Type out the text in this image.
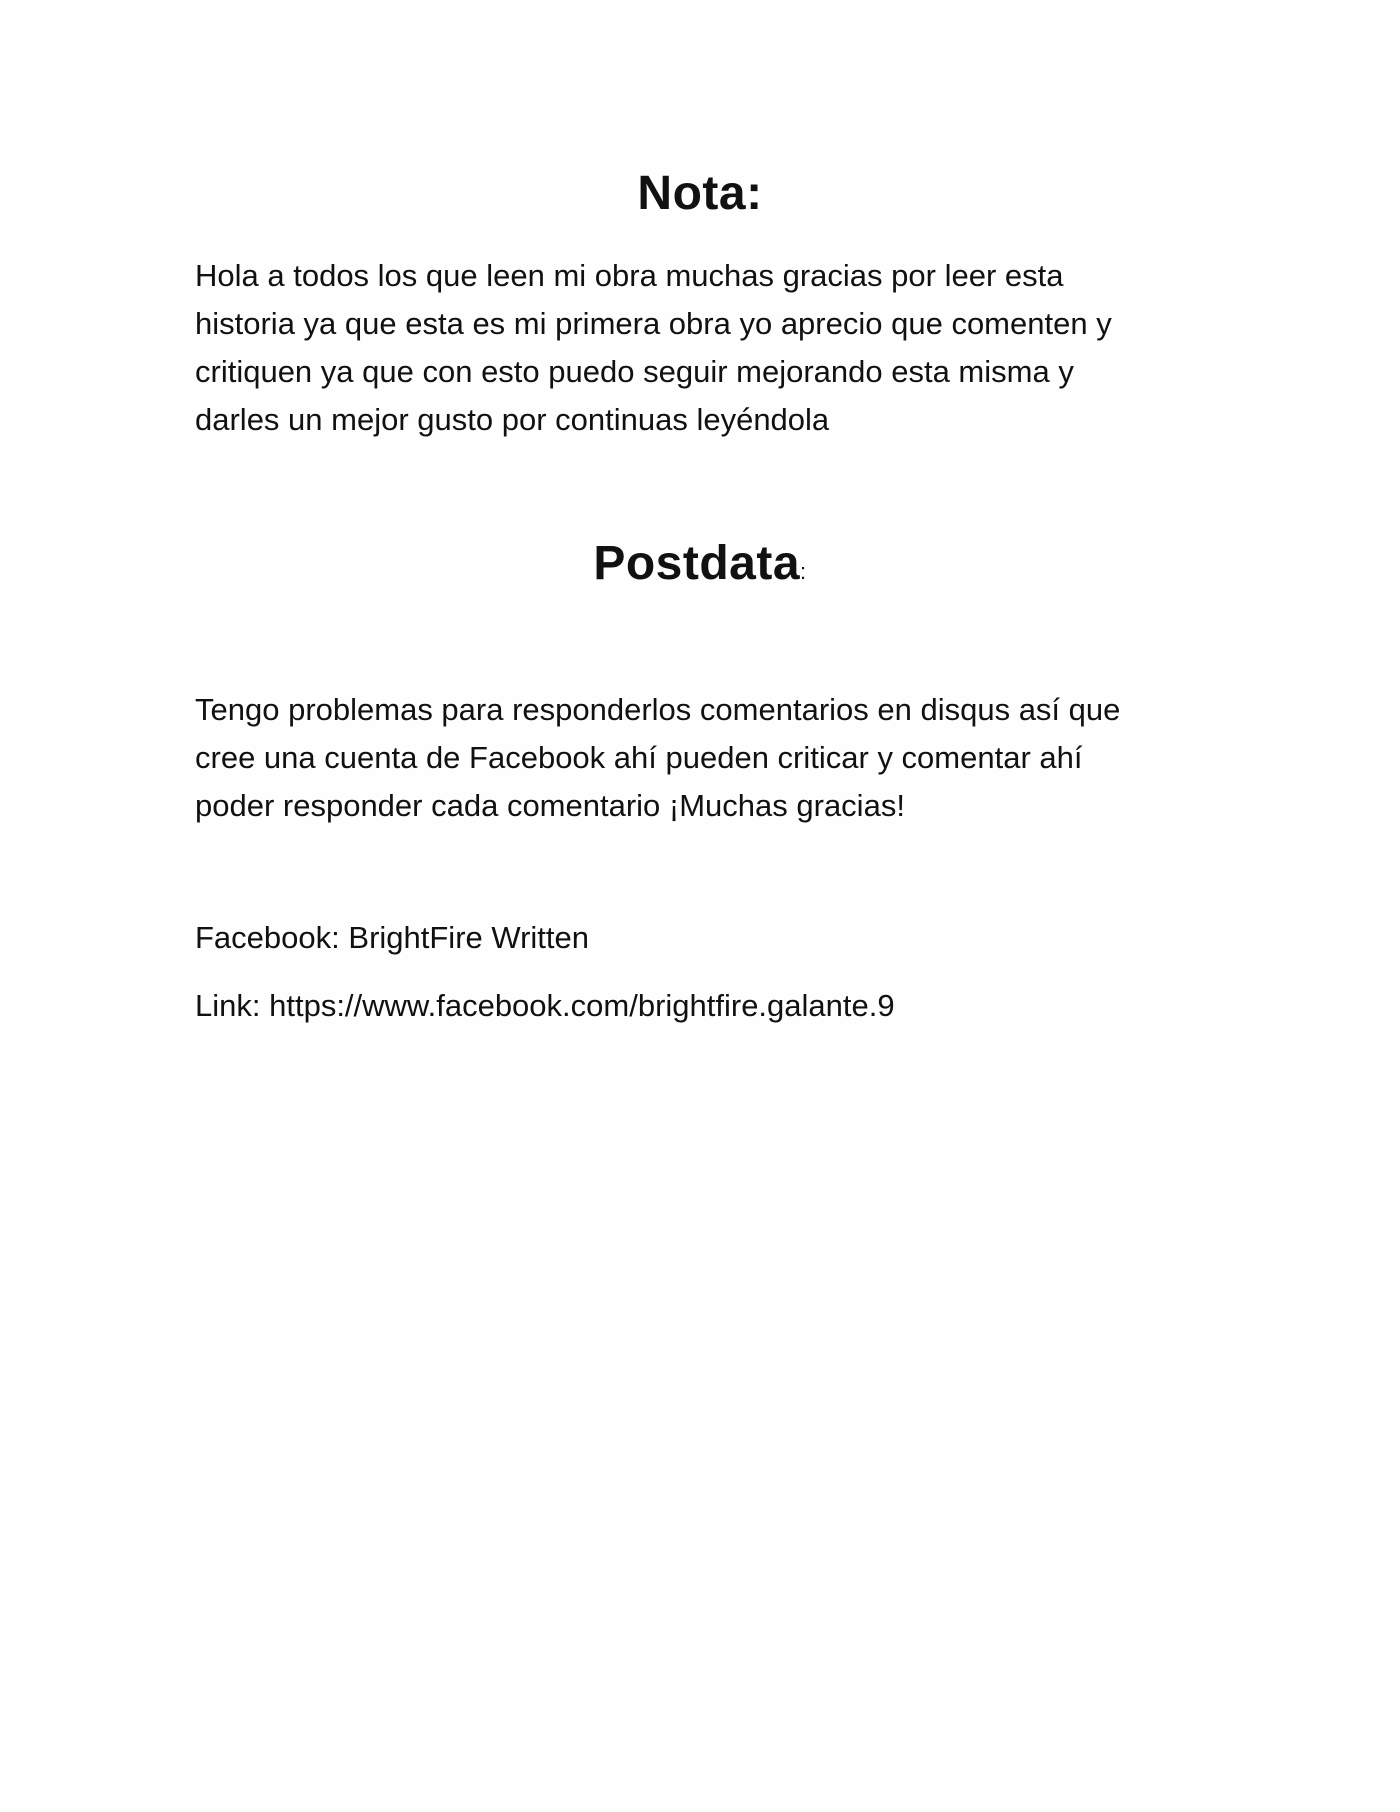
Nota:

Hola a todos los que leen mi obra muchas gracias por leer esta
historia ya que esta es mi primera obra yo aprecio que comenten y
critiquen ya que con esto puedo seguir mejorando esta misma y
darles un mejor gusto por continuas leyéndola

Postdata:

Tengo problemas para responderlos comentarios en disqus así que
cree una cuenta de Facebook ahí pueden criticar y comentar ahí
poder responder cada comentario ¡Muchas gracias!

Facebook: BrightFire Written

Link: https://www.facebook.com/brightfire.galante.9
